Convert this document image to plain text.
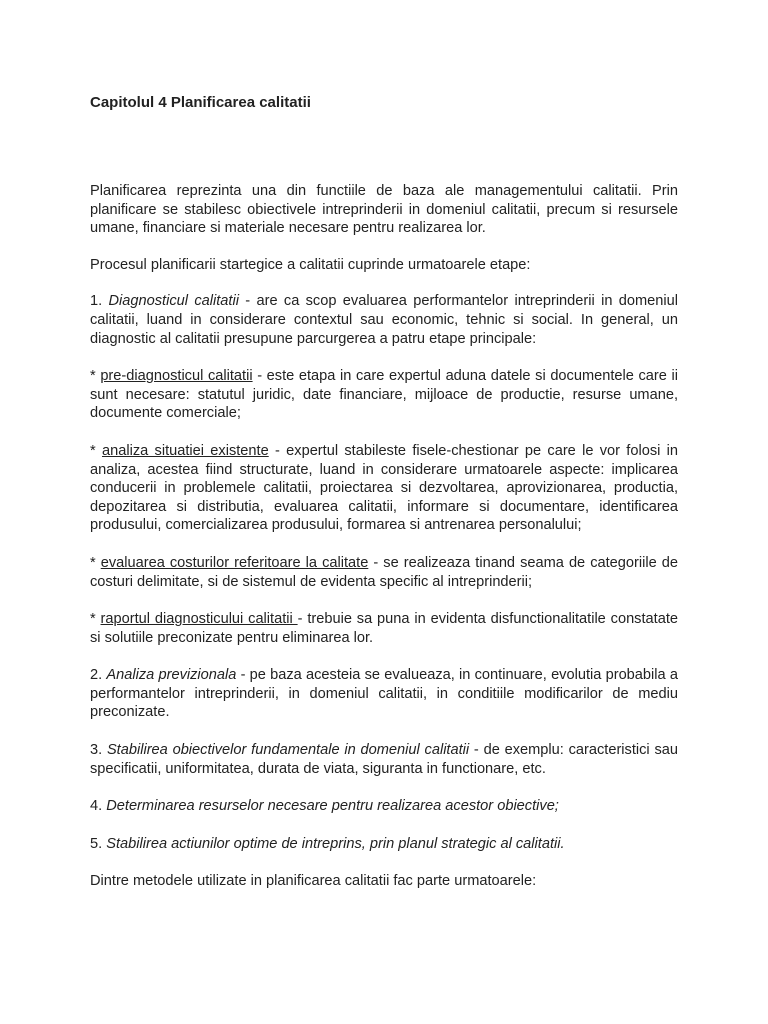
Capitolul 4 Planificarea calitatii

Planificarea reprezinta una din functiile de baza ale managementului calitatii. Prin planificare se stabilesc obiectivele intreprinderii in domeniul calitatii, precum si resursele umane, financiare si materiale necesare pentru realizarea lor.

Procesul planificarii startegice a calitatii cuprinde urmatoarele etape:

1. Diagnosticul calitatii - are ca scop evaluarea performantelor intreprinderii in domeniul calitatii, luand in considerare contextul sau economic, tehnic si social. In general, un diagnostic al calitatii presupune parcurgerea a patru etape principale:

* pre-diagnosticul calitatii - este etapa in care expertul aduna datele si documentele care ii sunt necesare: statutul juridic, date financiare, mijloace de productie, resurse umane, documente comerciale;

* analiza situatiei existente - expertul stabileste fisele-chestionar pe care le vor folosi in analiza, acestea fiind structurate, luand in considerare urmatoarele aspecte: implicarea conducerii in problemele calitatii, proiectarea si dezvoltarea, aprovizionarea, productia, depozitarea si distributia, evaluarea calitatii, informare si documentare, identificarea produsului, comercializarea produsului, formarea si antrenarea personalului;

* evaluarea costurilor referitoare la calitate - se realizeaza tinand seama de categoriile de costuri delimitate, si de sistemul de evidenta specific al intreprinderii;

* raportul diagnosticului calitatii - trebuie sa puna in evidenta disfunctionalitatile constatate si solutiile preconizate pentru eliminarea lor.

2. Analiza previzionala - pe baza acesteia se evalueaza, in continuare, evolutia probabila a performantelor intreprinderii, in domeniul calitatii, in conditiile modificarilor de mediu preconizate.

3. Stabilirea obiectivelor fundamentale in domeniul calitatii - de exemplu: caracteristici sau specificatii, uniformitatea, durata de viata, siguranta in functionare, etc.

4. Determinarea resurselor necesare pentru realizarea acestor obiective;

5. Stabilirea actiunilor optime de intreprins, prin planul strategic al calitatii.

Dintre metodele utilizate in planificarea calitatii fac parte urmatoarele:
